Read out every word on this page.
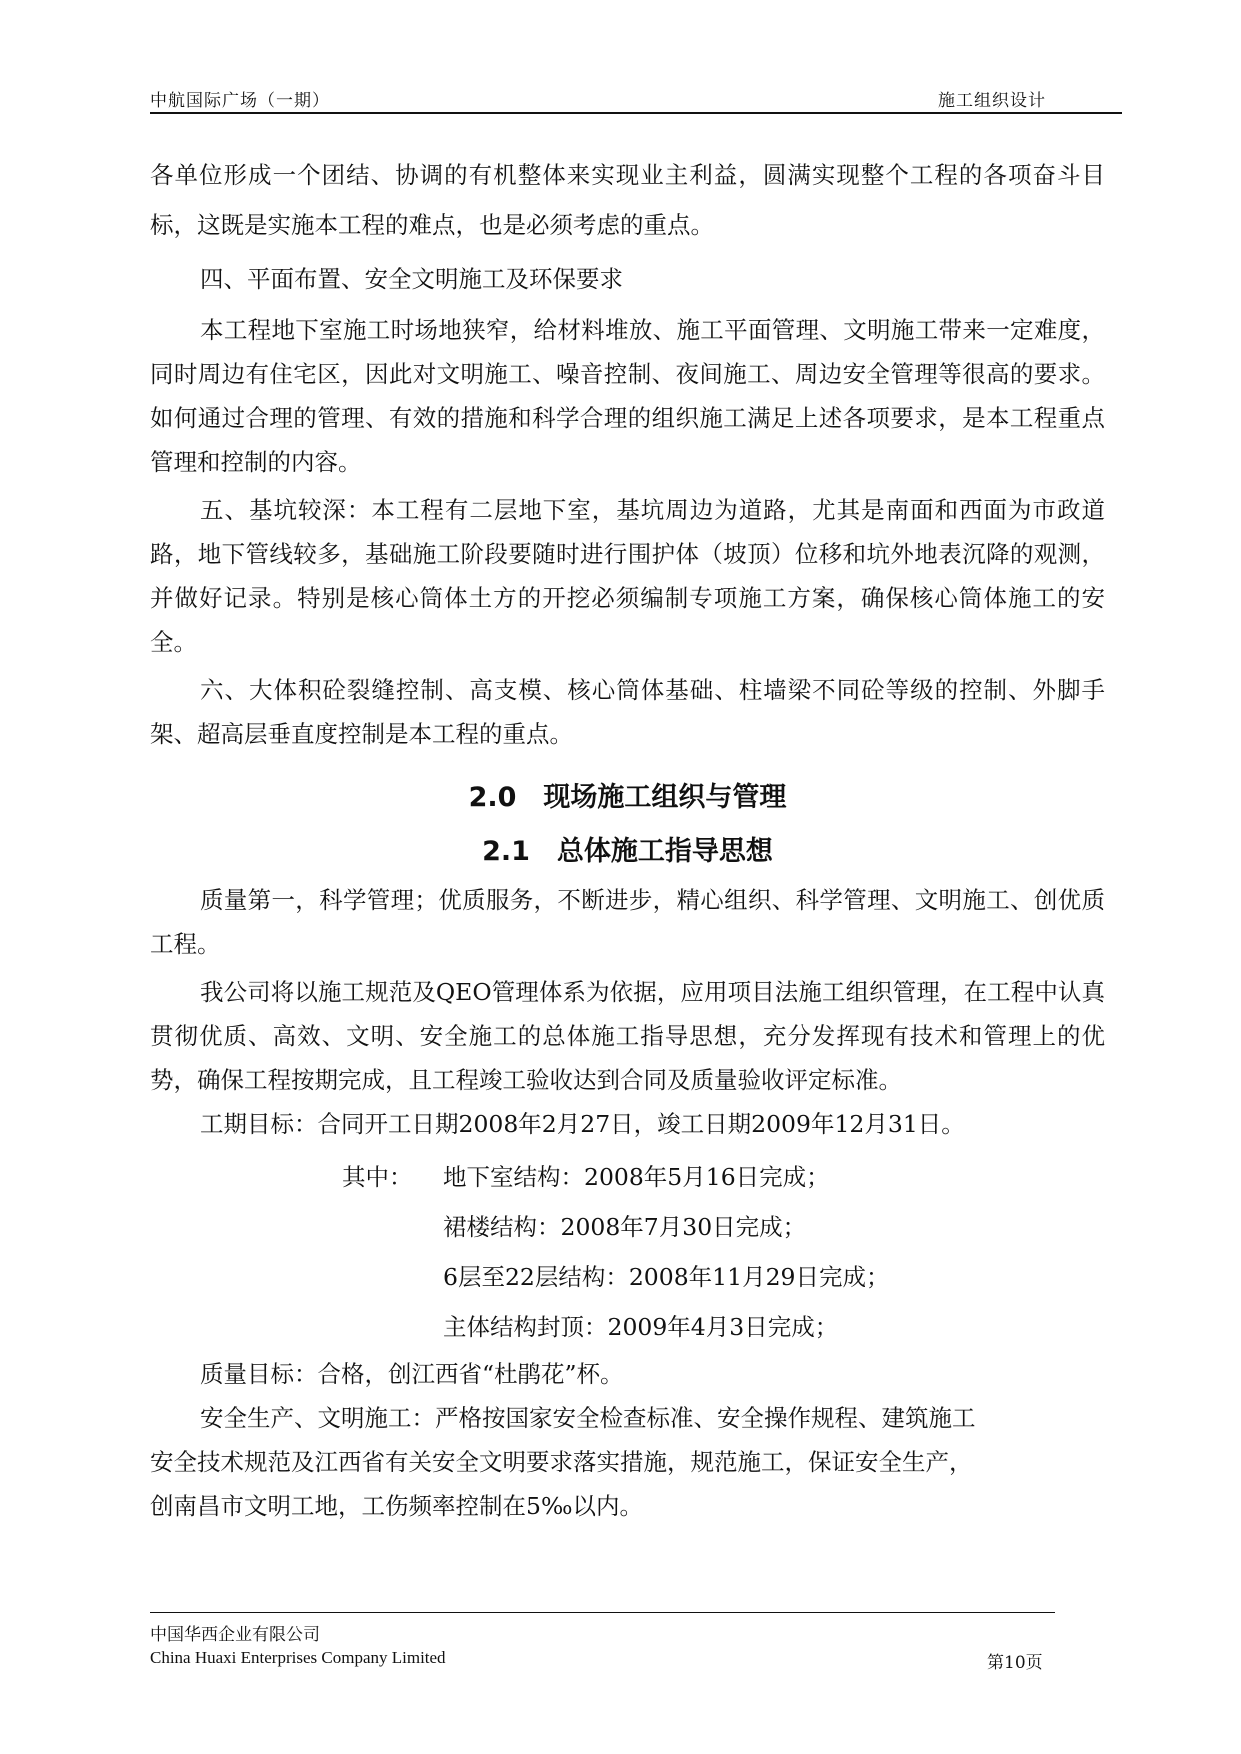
中航国际广场（一期）	施工组织设计

各单位形成一个团结、协调的有机整体来实现业主利益，圆满实现整个工程的各项奋斗目标，这既是实施本工程的难点，也是必须考虑的重点。

四、平面布置、安全文明施工及环保要求

本工程地下室施工时场地狭窄，给材料堆放、施工平面管理、文明施工带来一定难度，同时周边有住宅区，因此对文明施工、噪音控制、夜间施工、周边安全管理等很高的要求。如何通过合理的管理、有效的措施和科学合理的组织施工满足上述各项要求，是本工程重点管理和控制的内容。

五、基坑较深：本工程有二层地下室，基坑周边为道路，尤其是南面和西面为市政道路，地下管线较多，基础施工阶段要随时进行围护体（坡顶）位移和坑外地表沉降的观测，并做好记录。特别是核心筒体土方的开挖必须编制专项施工方案，确保核心筒体施工的安全。

六、大体积砼裂缝控制、高支模、核心筒体基础、柱墙梁不同砼等级的控制、外脚手架、超高层垂直度控制是本工程的重点。

2.0　现场施工组织与管理
2.1　总体施工指导思想

质量第一，科学管理；优质服务，不断进步，精心组织、科学管理、文明施工、创优质工程。

我公司将以施工规范及QEO管理体系为依据，应用项目法施工组织管理，在工程中认真贯彻优质、高效、文明、安全施工的总体施工指导思想，充分发挥现有技术和管理上的优势，确保工程按期完成，且工程竣工验收达到合同及质量验收评定标准。

工期目标：合同开工日期2008年2月27日，竣工日期2009年12月31日。

其中： 地下室结构：2008年5月16日完成；
裙楼结构：2008年7月30日完成；
6层至22层结构：2008年11月29日完成；
主体结构封顶：2009年4月3日完成；

质量目标：合格，创江西省“杜鹃花”杯。

安全生产、文明施工：严格按国家安全检查标准、安全操作规程、建筑施工

安全技术规范及江西省有关安全文明要求落实措施，规范施工，保证安全生产，

创南昌市文明工地，工伤频率控制在5‰以内。

中国华西企业有限公司
China Huaxi Enterprises Company Limited	第10页
